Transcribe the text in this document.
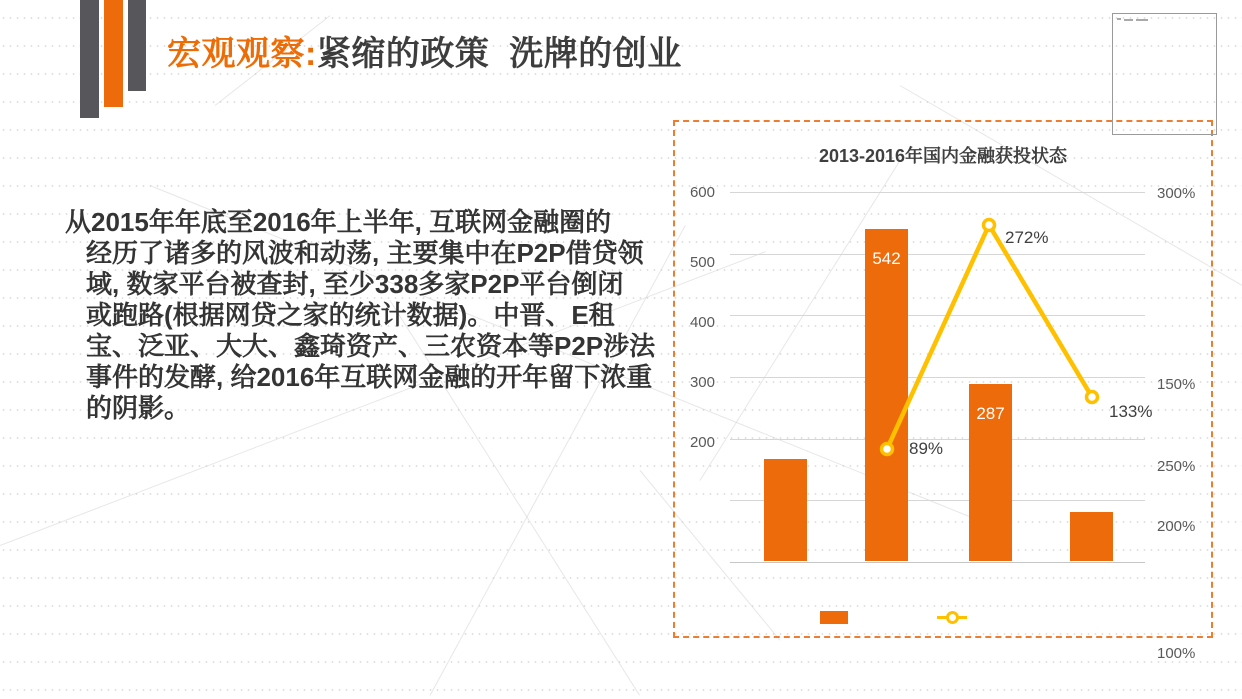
宏观观察:紧缩的政策  洗牌的创业
从2015年年底至2016年上半年, 互联网金融圈的
经历了诸多的风波和动荡, 主要集中在P2P借贷领
域, 数家平台被查封, 至少338多家P2P平台倒闭
或跑路(根据网贷之家的统计数据)。中晋、E租
宝、泛亚、大大、鑫琦资产、三农资本等P2P涉法
事件的发酵, 给2016年互联网金融的开年留下浓重
的阴影。
2013-2016年国内金融获投状态
600
500
400
300
200
300%
150%
250%
200%
100%
542
287
89%
272%
133%
